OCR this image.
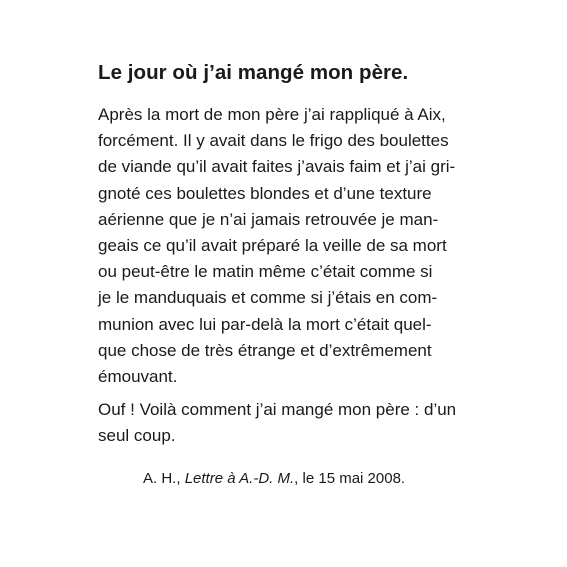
Le jour où j’ai mangé mon père.
Après la mort de mon père j’ai rappliqué à Aix,
forcément. Il y avait dans le frigo des boulettes
de viande qu’il avait faites j’avais faim et j’ai gri-
gnoté ces boulettes blondes et d’une texture
aérienne que je n’ai jamais retrouvée je man-
geais ce qu’il avait préparé la veille de sa mort
ou peut-être le matin même c’était comme si
je le manduquais et comme si j’étais en com-
munion avec lui par-delà la mort c’était quel-
que chose de très étrange et d’extrêmement
émouvant.
Ouf ! Voilà comment j’ai mangé mon père : d’un
seul coup.
A. H., Lettre à A.-D. M., le 15 mai 2008.
